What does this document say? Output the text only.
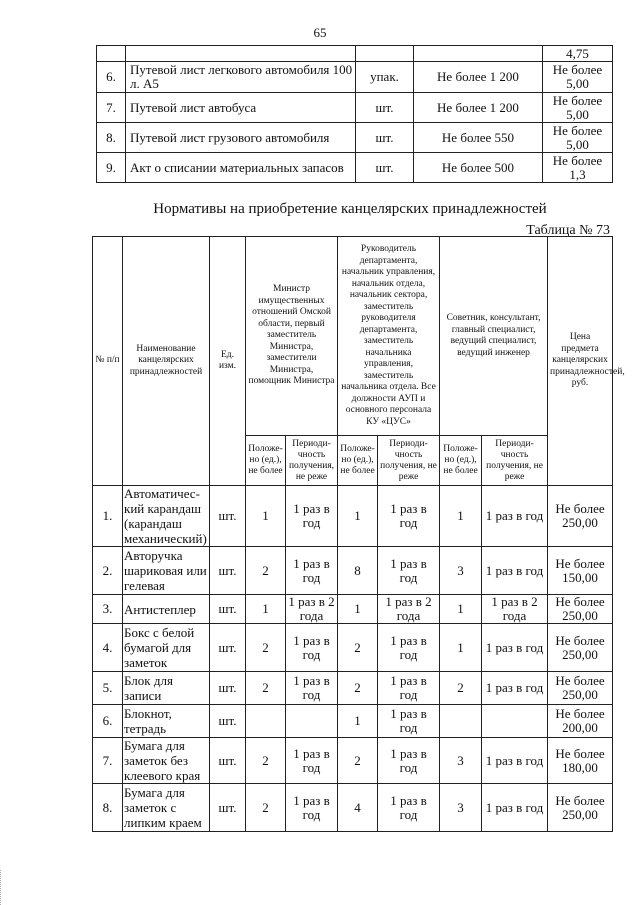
65
				4,75
6.	Путевой лист легкового автомобиля 100 л. А5	упак.	Не более 1 200	Не более 5,00
7.	Путевой лист автобуса	шт.	Не более 1 200	Не более 5,00
8.	Путевой лист грузового автомобиля	шт.	Не более 550	Не более 5,00
9.	Акт о списании материальных запасов	шт.	Не более 500	Не более 1,3
Нормативы на приобретение канцелярских принадлежностей
Таблица № 73
№ п/п	Наименование канцелярских принадлежностей	Ед. изм.	Министр имущественных отношений Омской области, первый заместитель Министра, заместители Министра, помощник Министра		Руководитель департамента, начальник управления, начальник отдела, начальник сектора, заместитель руководителя департамента, заместитель начальника управления, заместитель начальника отдела. Все должности АУП и основного персонала КУ «ЦУС»		Советник, консультант, главный специалист, ведущий специалист, ведущий инженер		Цена предмета канцелярских принадлежностей, руб.
			Положе-но (ед.), не более	Периоди-чность получения, не реже	Положе-но (ед.), не более	Периоди-чность получения, не реже	Положе-но (ед.), не более	Периоди-чность получения, не реже	
1.	Автоматичес-кий карандаш (карандаш механический)	шт.	1	1 раз в год	1	1 раз в год	1	1 раз в год	Не более 250,00
2.	Авторучка шариковая или гелевая	шт.	2	1 раз в год	8	1 раз в год	3	1 раз в год	Не более 150,00
3.	Антистеплер	шт.	1	1 раз в 2 года	1	1 раз в 2 года	1	1 раз в 2 года	Не более 250,00
4.	Бокс с белой бумагой для заметок	шт.	2	1 раз в год	2	1 раз в год	1	1 раз в год	Не более 250,00
5.	Блок для записи	шт.	2	1 раз в год	2	1 раз в год	2	1 раз в год	Не более 250,00
6.	Блокнот, тетрадь	шт.			1	1 раз в год			Не более 200,00
7.	Бумага для заметок без клеевого края	шт.	2	1 раз в год	2	1 раз в год	3	1 раз в год	Не более 180,00
8.	Бумага для заметок с липким краем	шт.	2	1 раз в год	4	1 раз в год	3	1 раз в год	Не более 250,00
